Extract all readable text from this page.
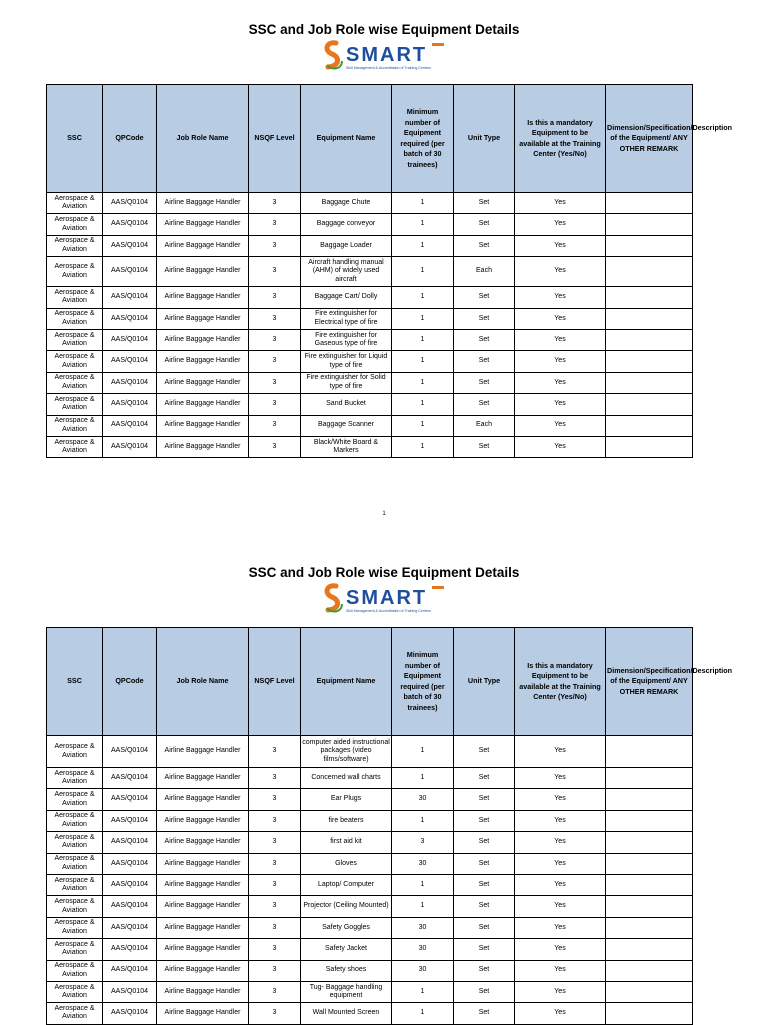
SSC and Job Role wise Equipment Details
SMART
Skill Management & Accreditation of Training Centres
SSC	QPCode	Job Role Name	NSQF Level	Equipment Name	Minimum number of Equipment required (per batch of 30 trainees)	Unit Type	Is this a mandatory Equipment to be available at the Training Center (Yes/No)	Dimension/Specification/Description of the Equipment/ ANY OTHER REMARK
Aerospace & Aviation	AAS/Q0104	Airline Baggage Handler	3	Baggage Chute	1	Set	Yes	
Aerospace & Aviation	AAS/Q0104	Airline Baggage Handler	3	Baggage conveyor	1	Set	Yes	
Aerospace & Aviation	AAS/Q0104	Airline Baggage Handler	3	Baggage Loader	1	Set	Yes	
Aerospace & Aviation	AAS/Q0104	Airline Baggage Handler	3	Aircraft handling manual (AHM) of widely used aircraft	1	Each	Yes	
Aerospace & Aviation	AAS/Q0104	Airline Baggage Handler	3	Baggage Cart/ Dolly	1	Set	Yes	
Aerospace & Aviation	AAS/Q0104	Airline Baggage Handler	3	Fire extinguisher for Electrical type of fire	1	Set	Yes	
Aerospace & Aviation	AAS/Q0104	Airline Baggage Handler	3	Fire extinguisher for Gaseous type of fire	1	Set	Yes	
Aerospace & Aviation	AAS/Q0104	Airline Baggage Handler	3	Fire extinguisher for Liquid type of fire	1	Set	Yes	
Aerospace & Aviation	AAS/Q0104	Airline Baggage Handler	3	Fire extinguisher for Solid type of fire	1	Set	Yes	
Aerospace & Aviation	AAS/Q0104	Airline Baggage Handler	3	Sand Bucket	1	Set	Yes	
Aerospace & Aviation	AAS/Q0104	Airline Baggage Handler	3	Baggage Scanner	1	Each	Yes	
Aerospace & Aviation	AAS/Q0104	Airline Baggage Handler	3	Black/White Board & Markers	1	Set	Yes	
1
SSC and Job Role wise Equipment Details
SMART
Skill Management & Accreditation of Training Centres
SSC	QPCode	Job Role Name	NSQF Level	Equipment Name	Minimum number of Equipment required (per batch of 30 trainees)	Unit Type	Is this a mandatory Equipment to be available at the Training Center (Yes/No)	Dimension/Specification/Description of the Equipment/ ANY OTHER REMARK
Aerospace & Aviation	AAS/Q0104	Airline Baggage Handler	3	computer aided instructional packages (video films/software)	1	Set	Yes	
Aerospace & Aviation	AAS/Q0104	Airline Baggage Handler	3	Concerned wall charts	1	Set	Yes	
Aerospace & Aviation	AAS/Q0104	Airline Baggage Handler	3	Ear Plugs	30	Set	Yes	
Aerospace & Aviation	AAS/Q0104	Airline Baggage Handler	3	fire beaters	1	Set	Yes	
Aerospace & Aviation	AAS/Q0104	Airline Baggage Handler	3	first aid kit	3	Set	Yes	
Aerospace & Aviation	AAS/Q0104	Airline Baggage Handler	3	Gloves	30	Set	Yes	
Aerospace & Aviation	AAS/Q0104	Airline Baggage Handler	3	Laptop/ Computer	1	Set	Yes	
Aerospace & Aviation	AAS/Q0104	Airline Baggage Handler	3	Projector (Ceiling Mounted)	1	Set	Yes	
Aerospace & Aviation	AAS/Q0104	Airline Baggage Handler	3	Safety Goggles	30	Set	Yes	
Aerospace & Aviation	AAS/Q0104	Airline Baggage Handler	3	Safety Jacket	30	Set	Yes	
Aerospace & Aviation	AAS/Q0104	Airline Baggage Handler	3	Safety shoes	30	Set	Yes	
Aerospace & Aviation	AAS/Q0104	Airline Baggage Handler	3	Tug- Baggage handling equipment	1	Set	Yes	
Aerospace & Aviation	AAS/Q0104	Airline Baggage Handler	3	Wall Mounted Screen	1	Set	Yes	
